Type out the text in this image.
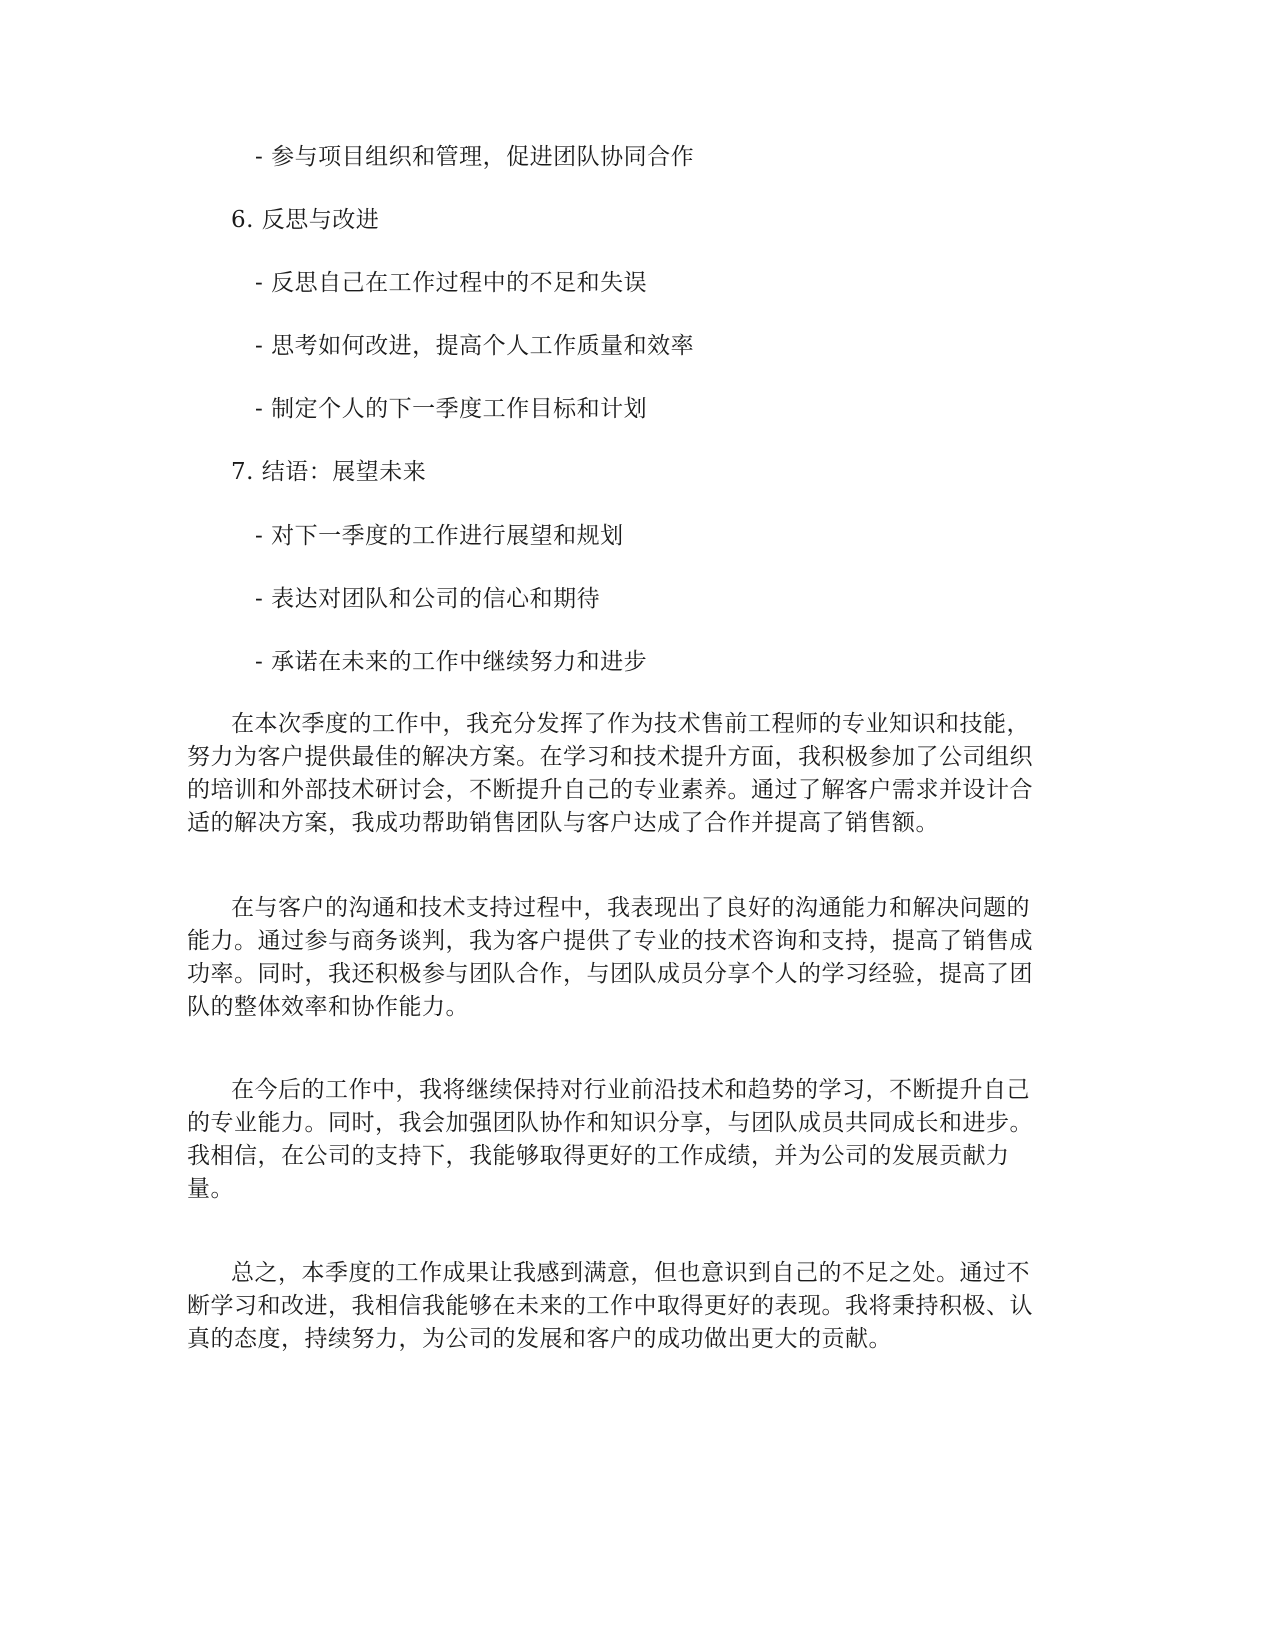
- 参与项目组织和管理，促进团队协同合作
6. 反思与改进
- 反思自己在工作过程中的不足和失误
- 思考如何改进，提高个人工作质量和效率
- 制定个人的下一季度工作目标和计划
7. 结语：展望未来
- 对下一季度的工作进行展望和规划
- 表达对团队和公司的信心和期待
- 承诺在未来的工作中继续努力和进步
在本次季度的工作中，我充分发挥了作为技术售前工程师的专业知识和技能，
努力为客户提供最佳的解决方案。在学习和技术提升方面，我积极参加了公司组织
的培训和外部技术研讨会，不断提升自己的专业素养。通过了解客户需求并设计合
适的解决方案，我成功帮助销售团队与客户达成了合作并提高了销售额。
在与客户的沟通和技术支持过程中，我表现出了良好的沟通能力和解决问题的
能力。通过参与商务谈判，我为客户提供了专业的技术咨询和支持，提高了销售成
功率。同时，我还积极参与团队合作，与团队成员分享个人的学习经验，提高了团
队的整体效率和协作能力。
在今后的工作中，我将继续保持对行业前沿技术和趋势的学习，不断提升自己
的专业能力。同时，我会加强团队协作和知识分享，与团队成员共同成长和进步。
我相信，在公司的支持下，我能够取得更好的工作成绩，并为公司的发展贡献力
量。
总之，本季度的工作成果让我感到满意，但也意识到自己的不足之处。通过不
断学习和改进，我相信我能够在未来的工作中取得更好的表现。我将秉持积极、认
真的态度，持续努力，为公司的发展和客户的成功做出更大的贡献。
